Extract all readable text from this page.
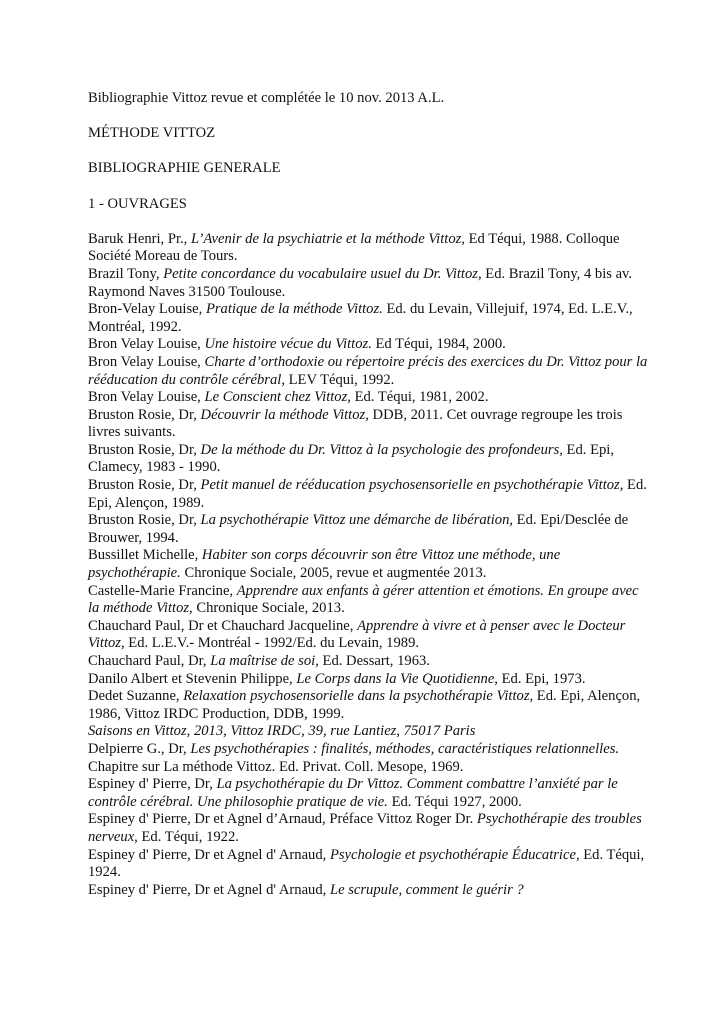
Bibliographie Vittoz revue et complétée le 10 nov. 2013 A.L.

MÉTHODE VITTOZ

BIBLIOGRAPHIE GENERALE

1 - OUVRAGES

Baruk Henri, Pr., L’Avenir de la psychiatrie et la méthode Vittoz, Ed Téqui, 1988. Colloque Société Moreau de Tours.

Brazil Tony, Petite concordance du vocabulaire usuel du Dr. Vittoz, Ed. Brazil Tony, 4 bis av. Raymond Naves 31500 Toulouse.

Bron-Velay Louise, Pratique de la méthode Vittoz. Ed. du Levain, Villejuif, 1974, Ed. L.E.V., Montréal, 1992.

Bron Velay Louise, Une histoire vécue du Vittoz. Ed Téqui, 1984, 2000.

Bron Velay Louise, Charte d’orthodoxie ou répertoire précis des exercices du Dr. Vittoz pour la rééducation du contrôle cérébral, LEV Téqui, 1992.

Bron Velay Louise, Le Conscient chez Vittoz, Ed. Téqui, 1981, 2002.

Bruston Rosie, Dr, Découvrir la méthode Vittoz, DDB, 2011. Cet ouvrage regroupe les trois livres suivants.

Bruston Rosie, Dr, De la méthode du Dr. Vittoz à la psychologie des profondeurs, Ed. Epi, Clamecy, 1983 - 1990.

Bruston Rosie, Dr, Petit manuel de rééducation psychosensorielle en psychothérapie Vittoz, Ed. Epi, Alençon, 1989.

Bruston Rosie, Dr, La psychothérapie Vittoz une démarche de libération, Ed. Epi/Desclée de Brouwer, 1994.

Bussillet Michelle, Habiter son corps découvrir son être Vittoz une méthode, une psychothérapie. Chronique Sociale, 2005, revue et augmentée 2013.

Castelle-Marie Francine, Apprendre aux enfants à gérer attention et émotions. En groupe avec la méthode Vittoz, Chronique Sociale, 2013.

Chauchard Paul, Dr et Chauchard Jacqueline, Apprendre à vivre et à penser avec le Docteur Vittoz, Ed. L.E.V.- Montréal - 1992/Ed. du Levain, 1989.

Chauchard Paul, Dr, La maîtrise de soi, Ed. Dessart, 1963.

Danilo Albert et Stevenin Philippe, Le Corps dans la Vie Quotidienne, Ed. Epi, 1973.

Dedet Suzanne, Relaxation psychosensorielle dans la psychothérapie Vittoz, Ed. Epi, Alençon, 1986, Vittoz IRDC Production, DDB, 1999.

Saisons en Vittoz, 2013, Vittoz IRDC, 39, rue Lantiez, 75017 Paris

Delpierre G., Dr, Les psychothérapies : finalités, méthodes, caractéristiques relationnelles. Chapitre sur La méthode Vittoz. Ed. Privat. Coll. Mesope, 1969.

Espiney d' Pierre, Dr, La psychothérapie du Dr Vittoz. Comment combattre l’anxiété par le contrôle cérébral. Une philosophie pratique de vie. Ed. Téqui 1927, 2000.

Espiney d' Pierre, Dr et Agnel d’Arnaud, Préface Vittoz Roger Dr. Psychothérapie des troubles nerveux, Ed. Téqui, 1922.

Espiney d' Pierre, Dr et Agnel d' Arnaud, Psychologie et psychothérapie Éducatrice, Ed. Téqui, 1924.

Espiney d' Pierre, Dr et Agnel d' Arnaud, Le scrupule, comment le guérir ?
